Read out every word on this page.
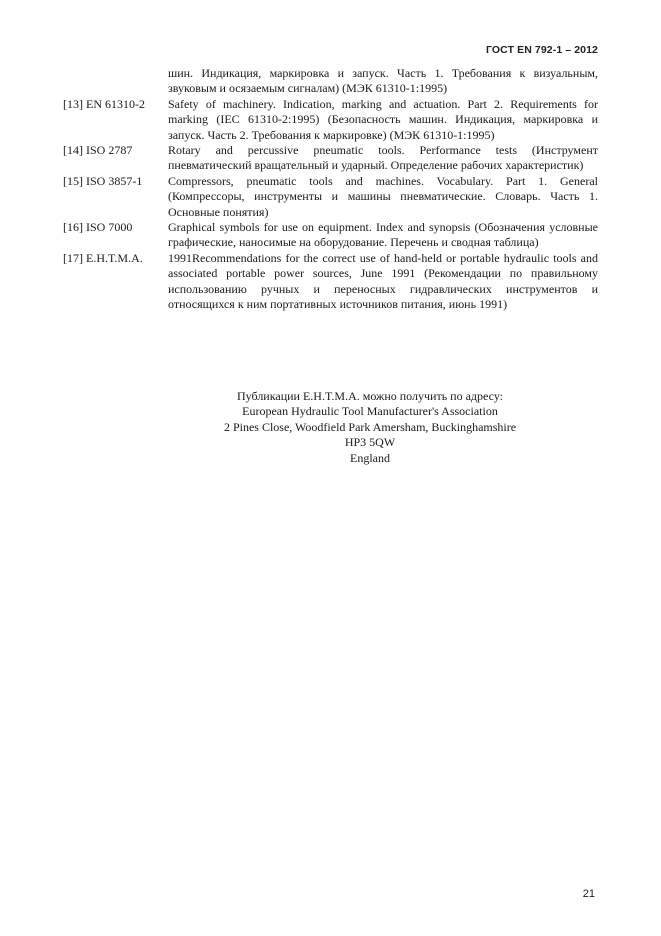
ГОСТ EN 792-1 – 2012
шин. Индикация, маркировка и запуск. Часть 1. Требования к визуальным, звуковым и осязаемым сигналам) (МЭК 61310-1:1995)
[13] EN 61310-2	Safety of machinery. Indication, marking and actuation. Part 2. Requirements for marking (IEC 61310-2:1995) (Безопасность машин. Индикация, маркировка и запуск. Часть 2. Требования к маркировке) (МЭК 61310-1:1995)
[14] ISO 2787	Rotary and percussive pneumatic tools. Performance tests (Инструмент пневматический вращательный и ударный. Определение рабочих характеристик)
[15] ISO 3857-1	Compressors, pneumatic tools and machines. Vocabulary. Part 1. General (Компрессоры, инструменты и машины пневматические. Словарь. Часть 1. Основные понятия)
[16] ISO 7000	Graphical symbols for use on equipment. Index and synopsis (Обозначения условные графические, наносимые на оборудование. Перечень и сводная таблица)
[17] E.H.T.M.A.	1991Recommendations for the correct use of hand-held or portable hydraulic tools and associated portable power sources, June 1991 (Рекомендации по правильному использованию ручных и переносных гидравлических инструментов и относящихся к ним портативных источников питания, июнь 1991)
Публикации E.H.T.M.A. можно получить по адресу:
European Hydraulic Tool Manufacturer's Association
2 Pines Close, Woodfield Park Amersham, Buckinghamshire
HP3 5QW
England
21
